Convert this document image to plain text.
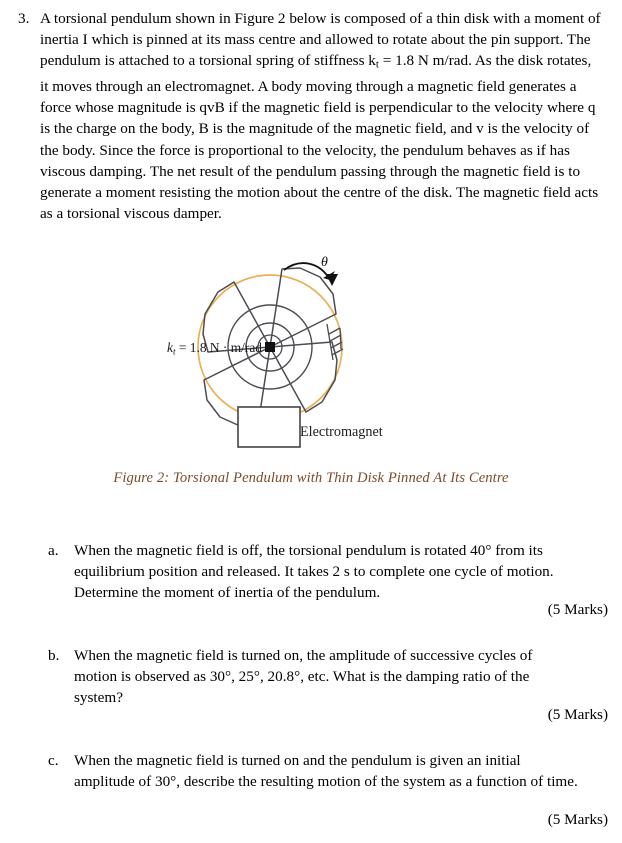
3. A torsional pendulum shown in Figure 2 below is composed of a thin disk with a moment of inertia I which is pinned at its mass centre and allowed to rotate about the pin support. The pendulum is attached to a torsional spring of stiffness $k_t = 1.8$ N m/rad. As the disk rotates, it moves through an electromagnet. A body moving through a magnetic field generates a force whose magnitude is qvB if the magnetic field is perpendicular to the velocity where q is the charge on the body, B is the magnitude of the magnetic field, and v is the velocity of the body. Since the force is proportional to the velocity, the pendulum behaves as if has viscous damping. The net result of the pendulum passing through the magnetic field is to generate a moment resisting the motion about the centre of the disk. The magnetic field acts as a torsional viscous damper.

θ
kt = 1.8 N · m/rad
Electromagnet
Figure 2: Torsional Pendulum with Thin Disk Pinned At Its Centre
a.	When the magnetic field is off, the torsional pendulum is rotated 40° from its equilibrium position and released. It takes 2 s to complete one cycle of motion. Determine the moment of inertia of the pendulum.
(5 Marks)
b. When the magnetic field is turned on, the amplitude of successive cycles of motion is observed as 30°, 25°, 20.8°, etc. What is the damping ratio of the system?
(5 Marks)
c.	When the magnetic field is turned on and the pendulum is given an initial amplitude of 30°, describe the resulting motion of the system as a function of time.
(5 Marks)
